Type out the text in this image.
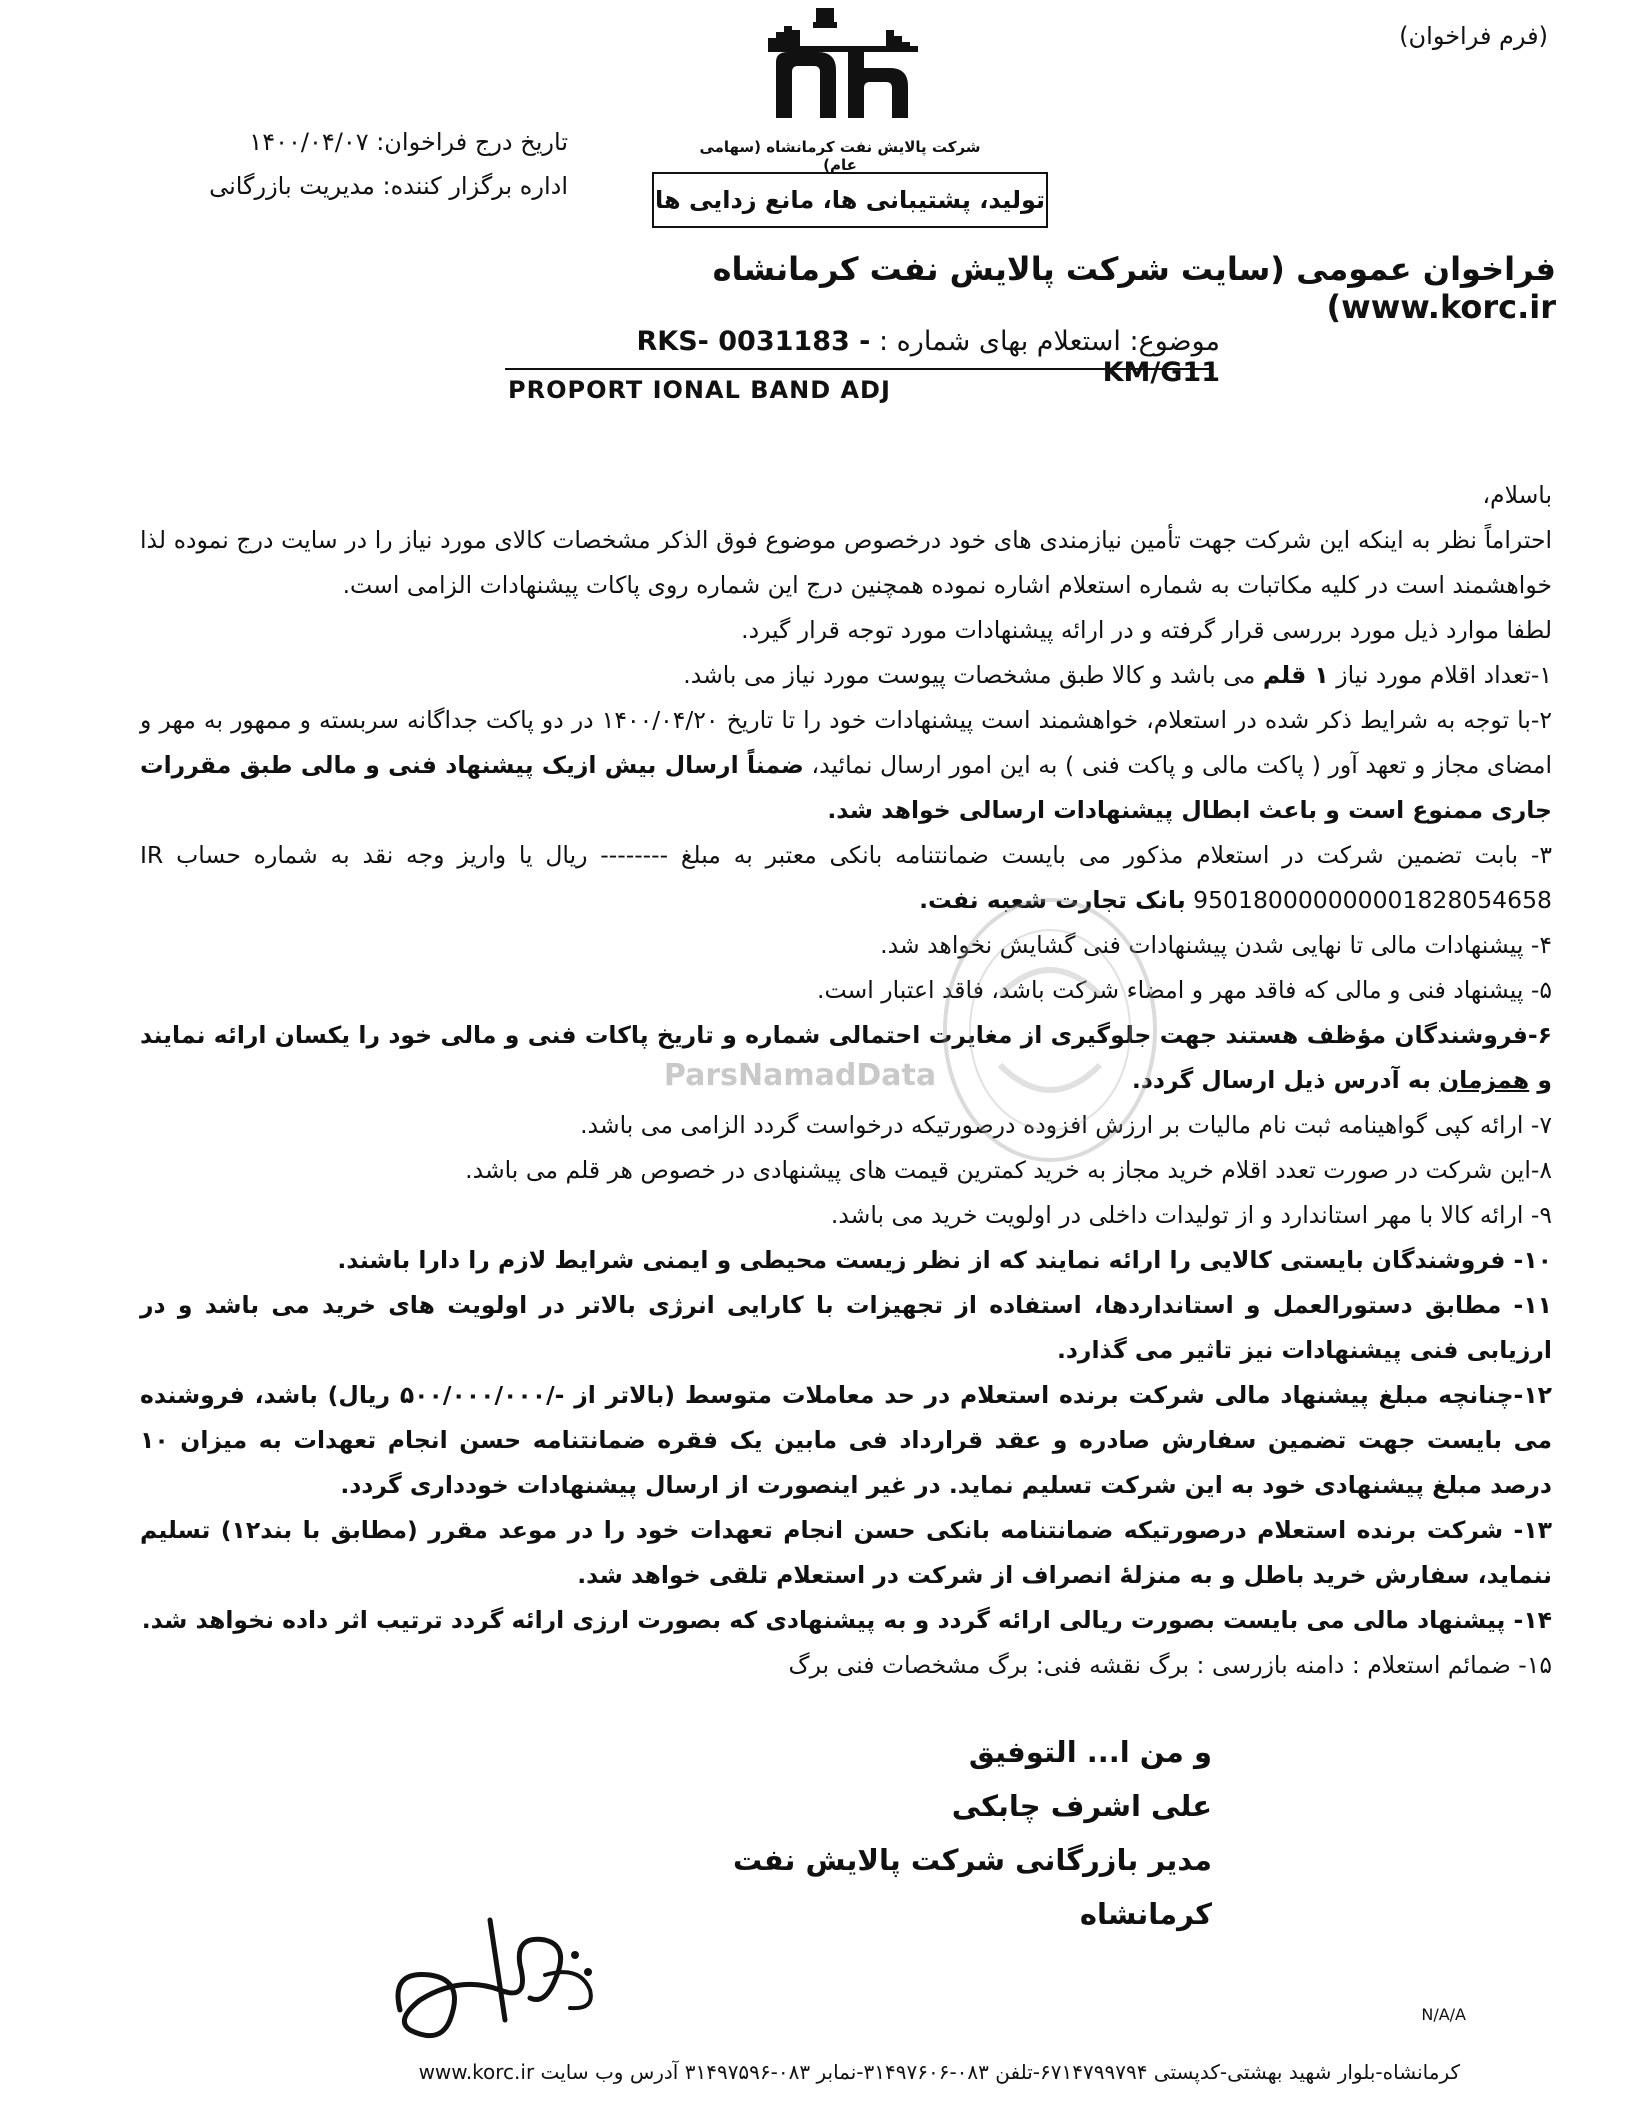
(فرم فراخوان)
شرکت پالایش نفت کرمانشاه (سهامی عام)
تولید، پشتیبانی ها، مانع زدایی ها
تاریخ درج فراخوان: ۱۴۰۰/۰۴/۰۷
اداره برگزار کننده: مدیریت بازرگانی
فراخوان عمومی (سایت شرکت پالایش نفت کرمانشاه www.korc.ir)
موضوع: استعلام بهای شماره : RKS- 0031183 -KM/G11
PROPORT IONAL BAND ADJ

باسلام،

احتراماً نظر به اینکه این شرکت جهت تأمین نیازمندی های خود درخصوص موضوع فوق الذکر مشخصات کالای مورد نیاز را در سایت درج نموده لذا خواهشمند است در کلیه مکاتبات به شماره استعلام اشاره نموده همچنین درج این شماره روی پاکات پیشنهادات الزامی است.

لطفا موارد ذیل مورد بررسی قرار گرفته و در ارائه پیشنهادات مورد توجه قرار گیرد.

۱-تعداد اقلام مورد نیاز ۱ قلم می باشد و کالا طبق مشخصات پیوست مورد نیاز می باشد.

۲-با توجه به شرایط ذکر شده در استعلام، خواهشمند است پیشنهادات خود را تا تاریخ ۱۴۰۰/۰۴/۲۰ در دو پاکت جداگانه سربسته و ممهور به مهر و امضای مجاز و تعهد آور ( پاکت مالی و پاکت فنی ) به این امور ارسال نمائید، ضمناً ارسال بیش ازیک پیشنهاد فنی و مالی طبق مقررات جاری ممنوع است و باعث ابطال پیشنهادات ارسالی خواهد شد.

۳- بابت تضمین شرکت در استعلام مذکور می بایست ضمانتنامه بانکی معتبر به مبلغ -------- ریال یا واریز وجه نقد به شماره حساب IR 950180000000001828054658 بانک تجارت شعبه نفت.

۴- پیشنهادات مالی تا نهایی شدن پیشنهادات فنی گشایش نخواهد شد.

۵- پیشنهاد فنی و مالی که فاقد مهر و امضاء شرکت باشد، فاقد اعتبار است.

۶-فروشندگان مؤظف هستند جهت جلوگیری از مغایرت احتمالی شماره و تاریخ پاکات فنی و مالی خود را یکسان ارائه نمایند و همزمان به آدرس ذیل ارسال گردد.

۷- ارائه کپی گواهینامه ثبت نام مالیات بر ارزش افزوده درصورتیکه درخواست گردد الزامی می باشد.

۸-این شرکت در صورت تعدد اقلام خرید مجاز به خرید کمترین قیمت های پیشنهادی در خصوص هر قلم می باشد.

۹- ارائه کالا با مهر استاندارد و از تولیدات داخلی در اولویت خرید می باشد.

۱۰- فروشندگان بایستی کالایی را ارائه نمایند که از نظر زیست محیطی و ایمنی شرایط لازم را دارا باشند.

۱۱- مطابق دستورالعمل و استانداردها، استفاده از تجهیزات با کارایی انرژی بالاتر در اولویت های خرید می باشد و در ارزیابی فنی پیشنهادات نیز تاثیر می گذارد.

۱۲-چنانچه مبلغ پیشنهاد مالی شرکت برنده استعلام در حد معاملات متوسط (بالاتر از -/۵۰۰/۰۰۰/۰۰۰ ریال) باشد، فروشنده می بایست جهت تضمین سفارش صادره و عقد قرارداد فی مابین یک فقره ضمانتنامه حسن انجام تعهدات به میزان ۱۰ درصد مبلغ پیشنهادی خود به این شرکت تسلیم نماید. در غیر اینصورت از ارسال پیشنهادات خودداری گردد.

۱۳- شرکت برنده استعلام درصورتیکه ضمانتنامه بانکی حسن انجام تعهدات خود را در موعد مقرر (مطابق با بند۱۲) تسلیم ننماید، سفارش خرید باطل و به منزلهٔ انصراف از شرکت در استعلام تلقی خواهد شد.

۱۴- پیشنهاد مالی می بایست بصورت ریالی ارائه گردد و به پیشنهادی که بصورت ارزی ارائه گردد ترتیب اثر داده نخواهد شد.

۱۵- ضمائم استعلام : دامنه بازرسی : برگ نقشه فنی: برگ مشخصات فنی برگ

ParsNamadData
و من ا... التوفیق
علی اشرف چابکی
مدیر بازرگانی شرکت پالایش نفت کرمانشاه
N/A/A
کرمانشاه-بلوار شهید بهشتی-کدپستی ۶۷۱۴۷۹۹۷۹۴-تلفن ۰۸۳-۳۱۴۹۷۶۰۶-نمابر ۰۸۳-۳۱۴۹۷۵۹۶ آدرس وب سایت www.korc.ir
